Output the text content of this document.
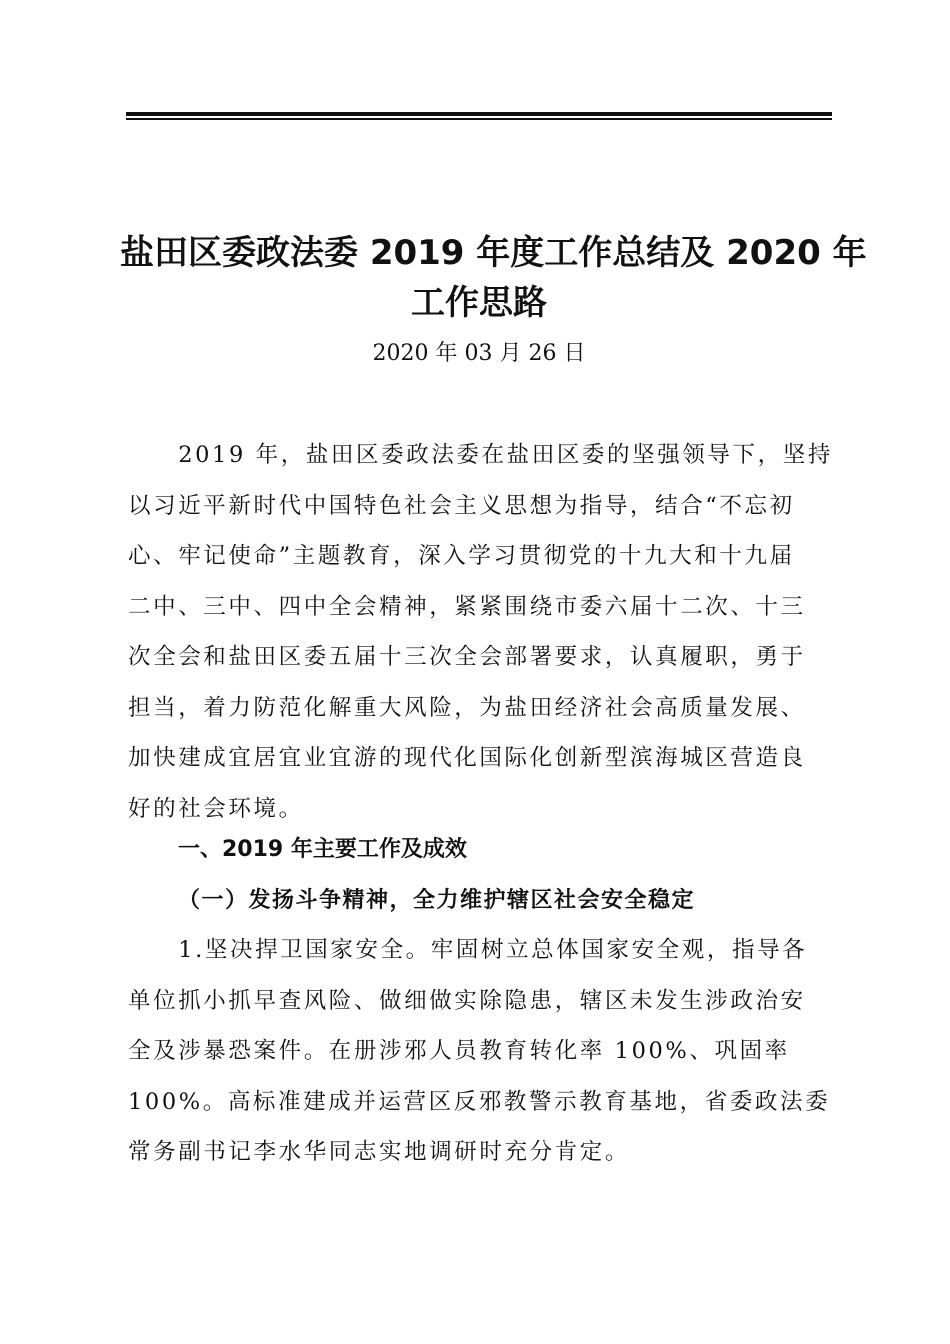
盐田区委政法委 2019 年度工作总结及 2020 年
工作思路
2020 年 03 月 26 日

　　2019 年，盐田区委政法委在盐田区委的坚强领导下，坚持
以习近平新时代中国特色社会主义思想为指导，结合“不忘初
心、牢记使命”主题教育，深入学习贯彻党的十九大和十九届
二中、三中、四中全会精神，紧紧围绕市委六届十二次、十三
次全会和盐田区委五届十三次全会部署要求，认真履职，勇于
担当，着力防范化解重大风险，为盐田经济社会高质量发展、
加快建成宜居宜业宜游的现代化国际化创新型滨海城区营造良
好的社会环境。

一、2019 年主要工作及成效
（一）发扬斗争精神，全力维护辖区社会安全稳定

　　1.坚决捍卫国家安全。牢固树立总体国家安全观，指导各
单位抓小抓早查风险、做细做实除隐患，辖区未发生涉政治安
全及涉暴恐案件。在册涉邪人员教育转化率 100%、巩固率
100%。高标准建成并运营区反邪教警示教育基地，省委政法委
常务副书记李水华同志实地调研时充分肯定。
